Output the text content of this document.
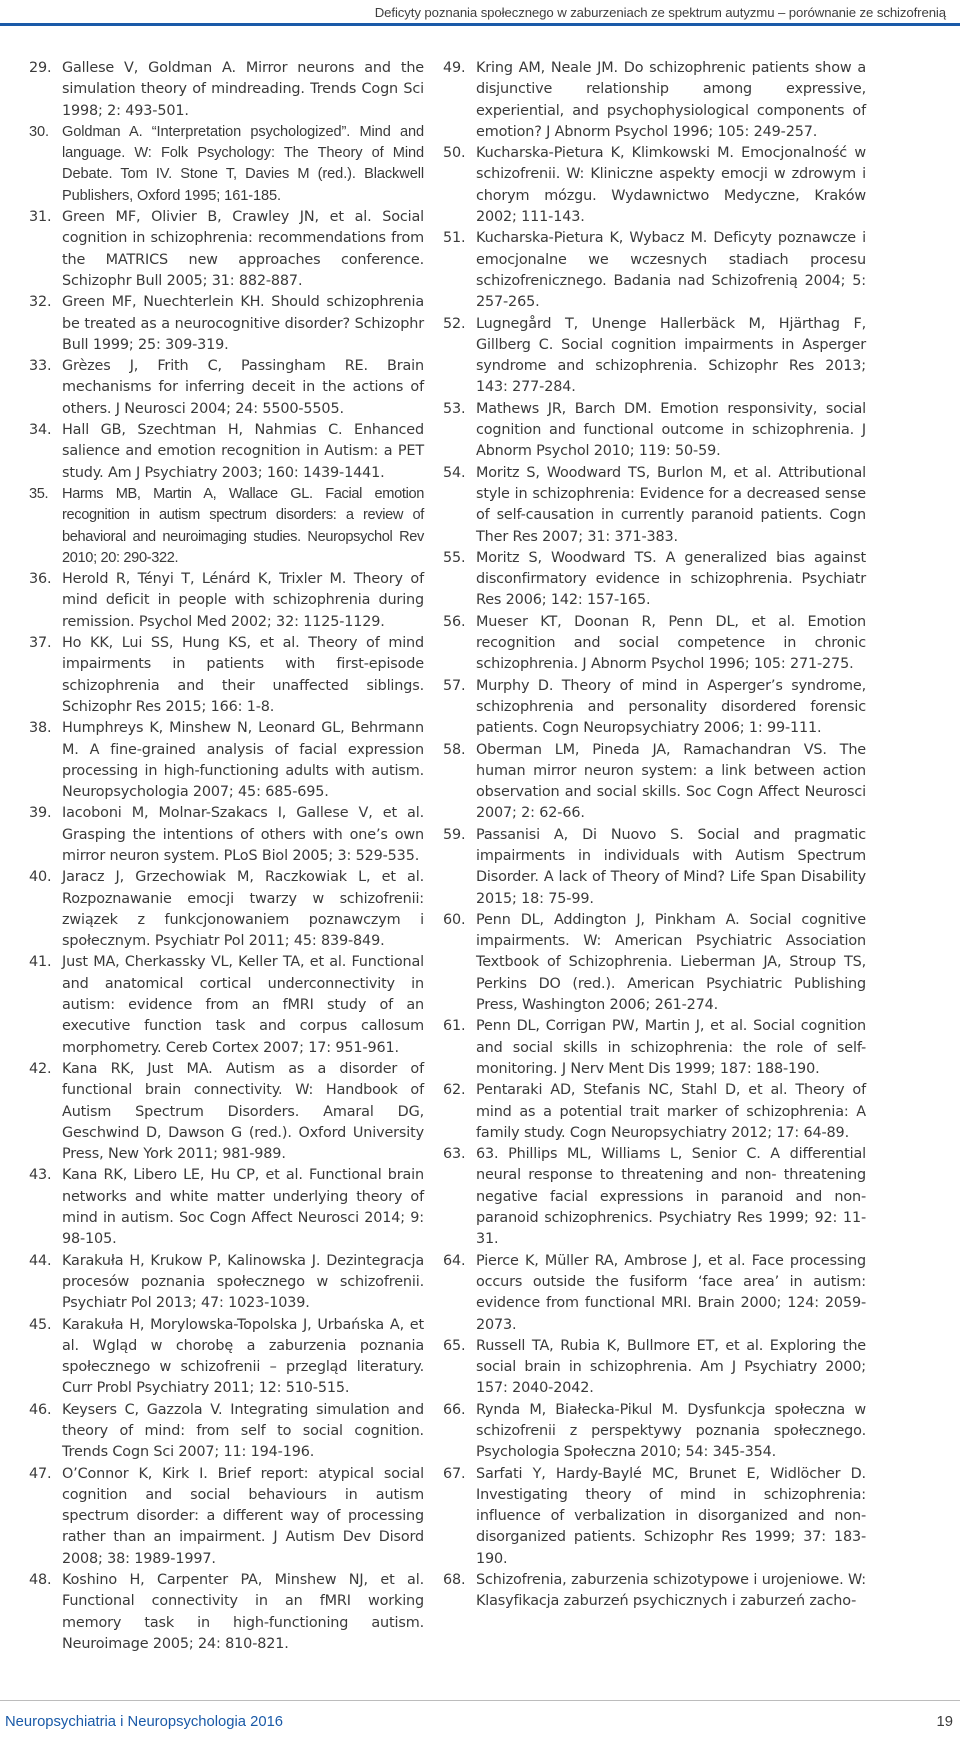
Deficyty poznania społecznego w zaburzeniach ze spektrum autyzmu – porównanie ze schizofrenią

29. Gallese V, Goldman A. Mirror neurons and the simulation theory of mindreading. Trends Cogn Sci 1998; 2: 493-501.

30. Goldman A. “Interpretation psychologized”. Mind and language. W: Folk Psychology: The Theory of Mind Debate. Tom IV. Stone T, Davies M (red.). Blackwell Publishers, Oxford 1995; 161-185.

31. Green MF, Olivier B, Crawley JN, et al. Social cognition in schizophrenia: recommendations from the MATRICS new approaches conference. Schizophr Bull 2005; 31: 882-887.

32. Green MF, Nuechterlein KH. Should schizophrenia be treated as a neurocognitive disorder? Schizophr Bull 1999; 25: 309-319.

33. Grèzes J, Frith C, Passingham RE. Brain mechanisms for inferring deceit in the actions of others. J Neurosci 2004; 24: 5500-5505.

34. Hall GB, Szechtman H, Nahmias C. Enhanced salience and emotion recognition in Autism: a PET study. Am J Psychiatry 2003; 160: 1439-1441.

35. Harms MB, Martin A, Wallace GL. Facial emotion recognition in autism spectrum disorders: a review of behavioral and neuroimaging studies. Neuropsychol Rev 2010; 20: 290-322.

36. Herold R, Tényi T, Lénárd K, Trixler M. Theory of mind deficit in people with schizophrenia during remission. Psychol Med 2002; 32: 1125-1129.

37. Ho KK, Lui SS, Hung KS, et al. Theory of mind impairments in patients with first-episode schizophrenia and their unaffected siblings. Schizophr Res 2015; 166: 1-8.

38. Humphreys K, Minshew N, Leonard GL, Behrmann M. A fine-grained analysis of facial expression processing in high-functioning adults with autism. Neuropsychologia 2007; 45: 685-695.

39. Iacoboni M, Molnar-Szakacs I, Gallese V, et al. Grasping the intentions of others with one’s own mirror neuron system. PLoS Biol 2005; 3: 529-535.

40. Jaracz J, Grzechowiak M, Raczkowiak L, et al. Rozpoznawanie emocji twarzy w schizofrenii: związek z funkcjonowaniem poznawczym i społecznym. Psychiatr Pol 2011; 45: 839-849.

41. Just MA, Cherkassky VL, Keller TA, et al. Functional and anatomical cortical underconnectivity in autism: evidence from an fMRI study of an executive function task and corpus callosum morphometry. Cereb Cortex 2007; 17: 951-961.

42. Kana RK, Just MA. Autism as a disorder of functional brain connectivity. W: Handbook of Autism Spectrum Disorders. Amaral DG, Geschwind D, Dawson G (red.). Oxford University Press, New York 2011; 981-989.

43. Kana RK, Libero LE, Hu CP, et al. Functional brain networks and white matter underlying theory of mind in autism. Soc Cogn Affect Neurosci 2014; 9: 98-105.

44. Karakuła H, Krukow P, Kalinowska J. Dezintegracja procesów poznania społecznego w schizofrenii. Psychiatr Pol 2013; 47: 1023-1039.

45. Karakuła H, Morylowska-Topolska J, Urbańska A, et al. Wgląd w chorobę a zaburzenia poznania społecznego w schizofrenii – przegląd literatury. Curr Probl Psychiatry 2011; 12: 510-515.

46. Keysers C, Gazzola V. Integrating simulation and theory of mind: from self to social cognition. Trends Cogn Sci 2007; 11: 194-196.

47. O’Connor K, Kirk I. Brief report: atypical social cognition and social behaviours in autism spectrum disorder: a different way of processing rather than an impairment. J Autism Dev Disord 2008; 38: 1989-1997.

48. Koshino H, Carpenter PA, Minshew NJ, et al. Functional connectivity in an fMRI working memory task in high-functioning autism. Neuroimage 2005; 24: 810-821.

49. Kring AM, Neale JM. Do schizophrenic patients show a disjunctive relationship among expressive, experiential, and psychophysiological components of emotion? J Abnorm Psychol 1996; 105: 249-257.

50. Kucharska-Pietura K, Klimkowski M. Emocjonalność w schizofrenii. W: Kliniczne aspekty emocji w zdrowym i chorym mózgu. Wydawnictwo Medyczne, Kraków 2002; 111-143.

51. Kucharska-Pietura K, Wybacz M. Deficyty poznawcze i emocjonalne we wczesnych stadiach procesu schizofrenicznego. Badania nad Schizofrenią 2004; 5: 257-265.

52. Lugnegård T, Unenge Hallerbäck M, Hjärthag F, Gillberg C. Social cognition impairments in Asperger syndrome and schizophrenia. Schizophr Res 2013; 143: 277-284.

53. Mathews JR, Barch DM. Emotion responsivity, social cognition and functional outcome in schizophrenia. J Abnorm Psychol 2010; 119: 50-59.

54. Moritz S, Woodward TS, Burlon M, et al. Attributional style in schizophrenia: Evidence for a decreased sense of self-causation in currently paranoid patients. Cogn Ther Res 2007; 31: 371-383.

55. Moritz S, Woodward TS. A generalized bias against disconfirmatory evidence in schizophrenia. Psychiatr Res 2006; 142: 157-165.

56. Mueser KT, Doonan R, Penn DL, et al. Emotion recognition and social competence in chronic schizophrenia. J Abnorm Psychol 1996; 105: 271-275.

57. Murphy D. Theory of mind in Asperger’s syndrome, schizophrenia and personality disordered forensic patients. Cogn Neuropsychiatry 2006; 1: 99-111.

58. Oberman LM, Pineda JA, Ramachandran VS. The human mirror neuron system: a link between action observation and social skills. Soc Cogn Affect Neurosci 2007; 2: 62-66.

59. Passanisi A, Di Nuovo S. Social and pragmatic impairments in individuals with Autism Spectrum Disorder. A lack of Theory of Mind? Life Span Disability 2015; 18: 75-99.

60. Penn DL, Addington J, Pinkham A. Social cognitive impairments. W: American Psychiatric Association Textbook of Schizophrenia. Lieberman JA, Stroup TS, Perkins DO (red.). American Psychiatric Publishing Press, Washington 2006; 261-274.

61. Penn DL, Corrigan PW, Martin J, et al. Social cognition and social skills in schizophrenia: the role of self-monitoring. J Nerv Ment Dis 1999; 187: 188-190.

62. Pentaraki AD, Stefanis NC, Stahl D, et al. Theory of mind as a potential trait marker of schizophrenia: A family study. Cogn Neuropsychiatry 2012; 17: 64-89.

63. 63. Phillips ML, Williams L, Senior C. A differential neural response to threatening and non- threatening negative facial expressions in paranoid and non- paranoid schizophrenics. Psychiatry Res 1999; 92: 11-31.

64. Pierce K, Müller RA, Ambrose J, et al. Face processing occurs outside the fusiform ‘face area’ in autism: evidence from functional MRI. Brain 2000; 124: 2059-2073.

65. Russell TA, Rubia K, Bullmore ET, et al. Exploring the social brain in schizophrenia. Am J Psychiatry 2000; 157: 2040-2042.

66. Rynda M, Białecka-Pikul M. Dysfunkcja społeczna w schizofrenii z perspektywy poznania społecznego. Psychologia Społeczna 2010; 54: 345-354.

67. Sarfati Y, Hardy-Baylé MC, Brunet E, Widlöcher D. Investigating theory of mind in schizophrenia: influence of verbalization in disorganized and non-disorganized patients. Schizophr Res 1999; 37: 183-190.

68. Schizofrenia, zaburzenia schizotypowe i urojeniowe. W: Klasyfikacja zaburzeń psychicznych i zaburzeń zacho-

Neuropsychiatria i Neuropsychologia 2016	19
